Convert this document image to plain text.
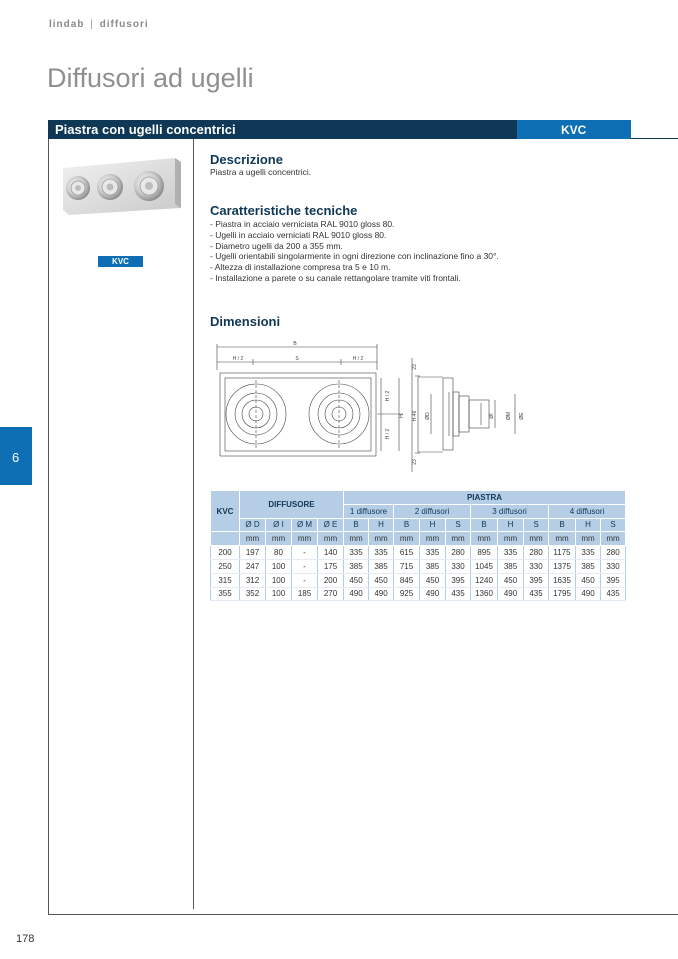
lindab | diffusori
Diffusori ad ugelli
Piastra con ugelli concentrici	KVC
6
178
KVC
Descrizione
Piastra a ugelli concentrici.
Caratteristiche tecniche
- Piastra in acciaio verniciata RAL 9010 gloss 80.
- Ugelli in acciaio verniciati RAL 9010 gloss 80.
- Diametro ugelli da 200 a 355 mm.
- Ugelli orientabili singolarmente in ogni direzione con inclinazione fino a 30°.
- Altezza di installazione compresa tra 5 e 10 m.
- Installazione a parete o su canale rettangolare tramite viti frontali.
Dimensioni
B
H / 2	S	H / 2
H / 2
H / 2
H
23
23
H-46 ØD	ØI ØM ØE
KVC	DIFFUSORE				PIASTRA										
					1 diffusore		2 diffusori			3 diffusori			4 diffusori		
	Ø D	Ø I	Ø M	Ø E	B	H	B	H	S	B	H	S	B	H	S
	mm	mm	mm	mm	mm	mm	mm	mm	mm	mm	mm	mm	mm	mm	mm
200	197	80	-	140	335	335	615	335	280	895	335	280	1175	335	280
250	247	100	-	175	385	385	715	385	330	1045	385	330	1375	385	330
315	312	100	-	200	450	450	845	450	395	1240	450	395	1635	450	395
355	352	100	185	270	490	490	925	490	435	1360	490	435	1795	490	435
